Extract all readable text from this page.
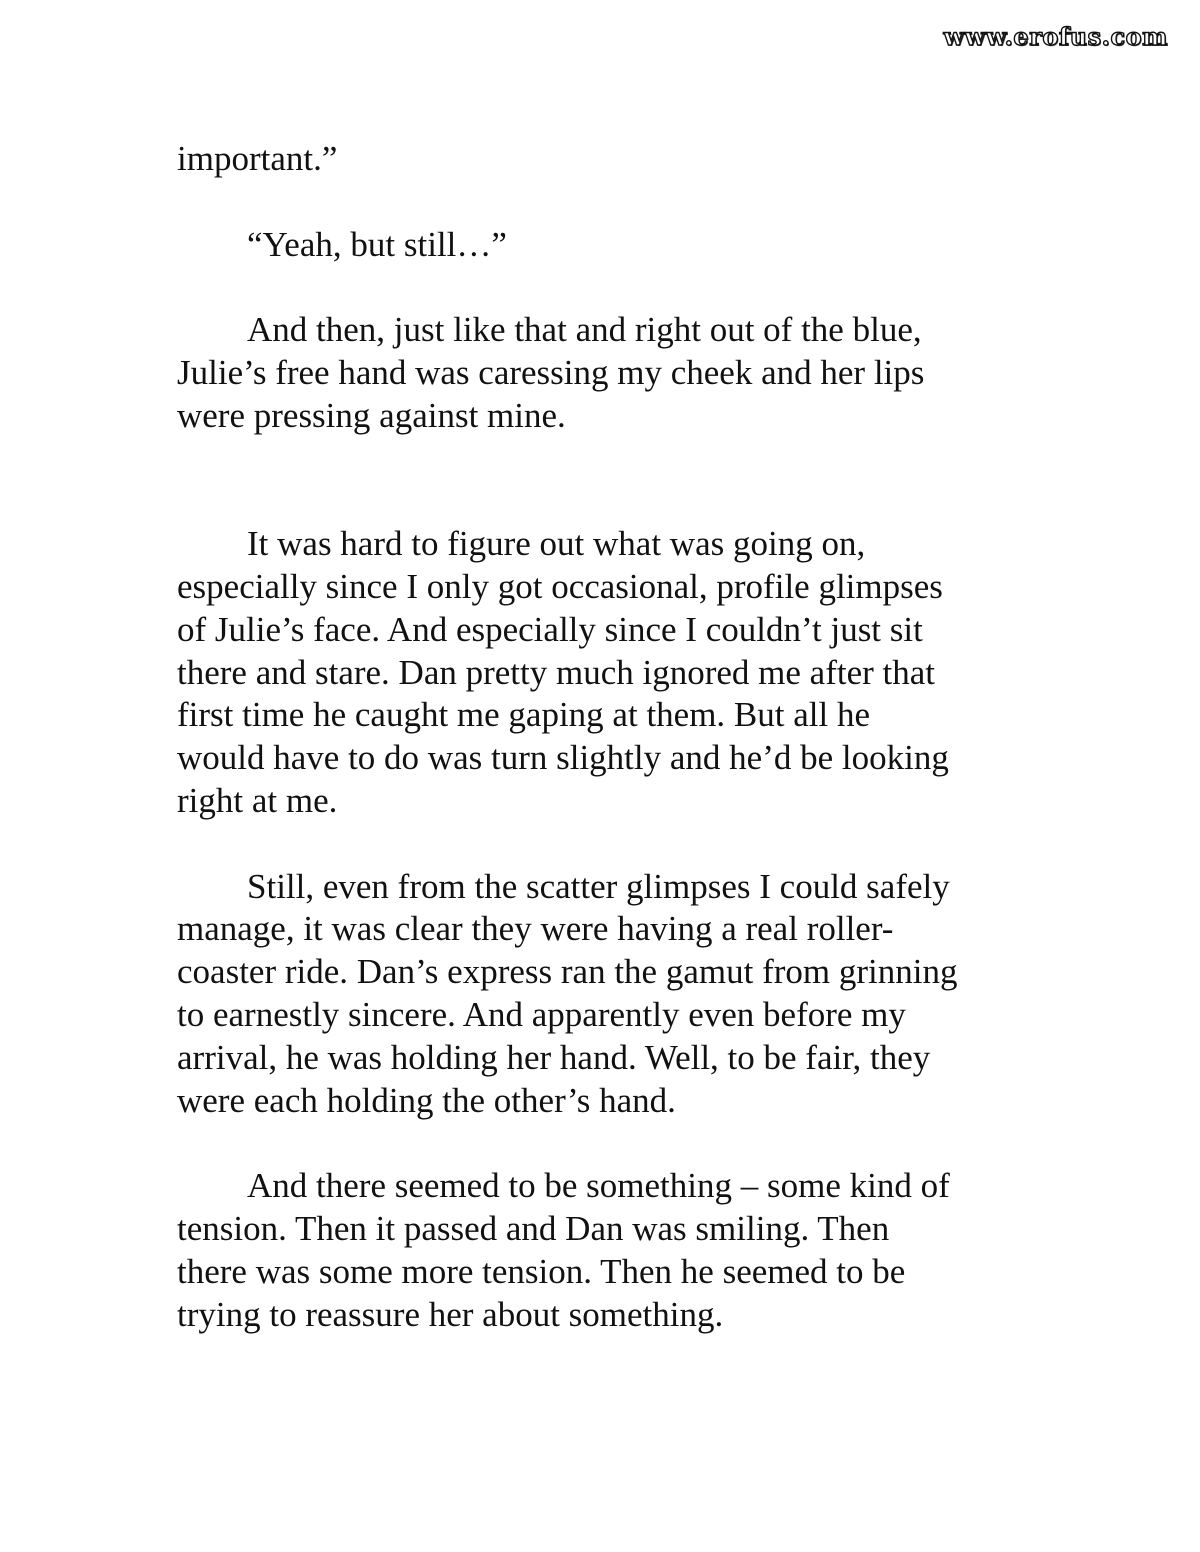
www.erofus.com

important.”

“Yeah, but still…”

And then, just like that and right out of the blue,
Julie’s free hand was caressing my cheek and her lips
were pressing against mine.

It was hard to figure out what was going on,
especially since I only got occasional, profile glimpses
of Julie’s face. And especially since I couldn’t just sit
there and stare. Dan pretty much ignored me after that
first time he caught me gaping at them. But all he
would have to do was turn slightly and he’d be looking
right at me.

Still, even from the scatter glimpses I could safely
manage, it was clear they were having a real roller-
coaster ride. Dan’s express ran the gamut from grinning
to earnestly sincere. And apparently even before my
arrival, he was holding her hand. Well, to be fair, they
were each holding the other’s hand.

And there seemed to be something – some kind of
tension. Then it passed and Dan was smiling. Then
there was some more tension. Then he seemed to be
trying to reassure her about something.
